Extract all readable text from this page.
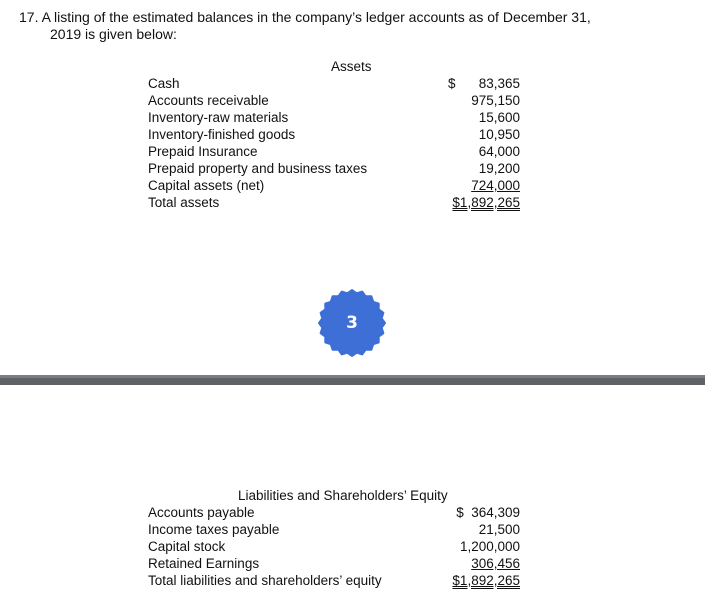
17. A listing of the estimated balances in the company’s ledger accounts as of December 31,
2019 is given below:

Assets
Cash	$ 83,365
Accounts receivable	975,150
Inventory-raw materials	15,600
Inventory-finished goods	10,950
Prepaid Insurance	64,000
Prepaid property and business taxes	19,200
Capital assets (net)	724,000
Total assets	$1,892,265
3
Liabilities and Shareholders’ Equity
Accounts payable	$  364,309
Income taxes payable	21,500
Capital stock	1,200,000
Retained Earnings	306,456
Total liabilities and shareholders’ equity	$1,892,265
